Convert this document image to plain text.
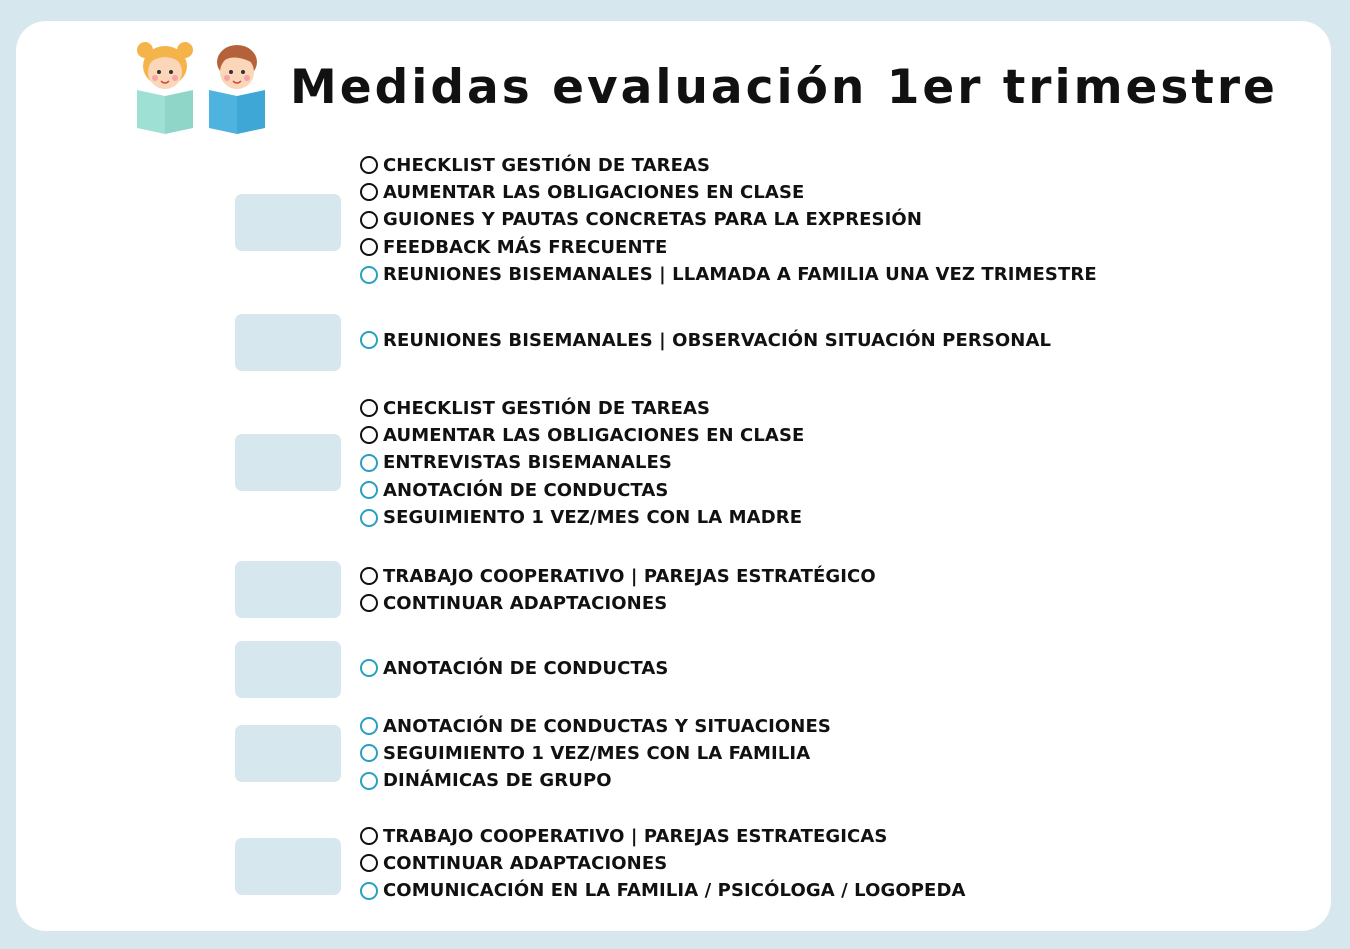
Medidas evaluación 1er trimestre
CHECKLIST GESTIÓN DE TAREAS
AUMENTAR LAS OBLIGACIONES EN CLASE
GUIONES Y PAUTAS CONCRETAS PARA LA EXPRESIÓN
FEEDBACK MÁS FRECUENTE
REUNIONES BISEMANALES | LLAMADA A FAMILIA UNA VEZ TRIMESTRE
REUNIONES BISEMANALES | OBSERVACIÓN SITUACIÓN PERSONAL
CHECKLIST GESTIÓN DE TAREAS
AUMENTAR LAS OBLIGACIONES EN CLASE
ENTREVISTAS BISEMANALES
ANOTACIÓN DE CONDUCTAS
SEGUIMIENTO 1 VEZ/MES CON LA MADRE
TRABAJO COOPERATIVO | PAREJAS ESTRATÉGICO
CONTINUAR ADAPTACIONES
ANOTACIÓN DE CONDUCTAS
ANOTACIÓN DE CONDUCTAS Y SITUACIONES
SEGUIMIENTO 1 VEZ/MES CON LA FAMILIA
DINÁMICAS DE GRUPO
TRABAJO COOPERATIVO | PAREJAS ESTRATEGICAS
CONTINUAR ADAPTACIONES
COMUNICACIÓN EN LA FAMILIA / PSICÓLOGA / LOGOPEDA
